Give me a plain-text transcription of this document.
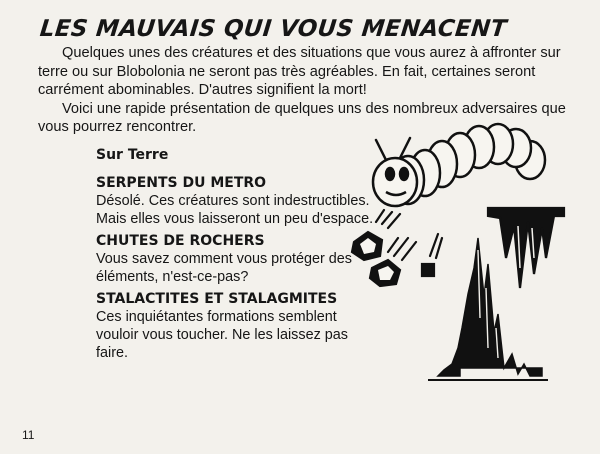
LES MAUVAIS QUI VOUS MENACENT

Quelques unes des créatures et des situations que vous aurez à affronter sur terre ou sur Blobolonia ne seront pas très agréables. En fait, certaines seront carrément abominables. D'autres signifient la mort!

Voici une rapide présentation de quelques uns des nombreux adversaires que vous pourrez rencontrer.

Sur Terre
SERPENTS DU METRO

Désolé. Ces créatures sont indestructibles. Mais elles vous laisseront un peu d'espace.

CHUTES DE ROCHERS

Vous savez comment vous protéger des éléments, n'est-ce-pas?

STALACTITES ET STALAGMITES

Ces inquiétantes formations semblent vouloir vous toucher. Ne les laissez pas faire.

11
